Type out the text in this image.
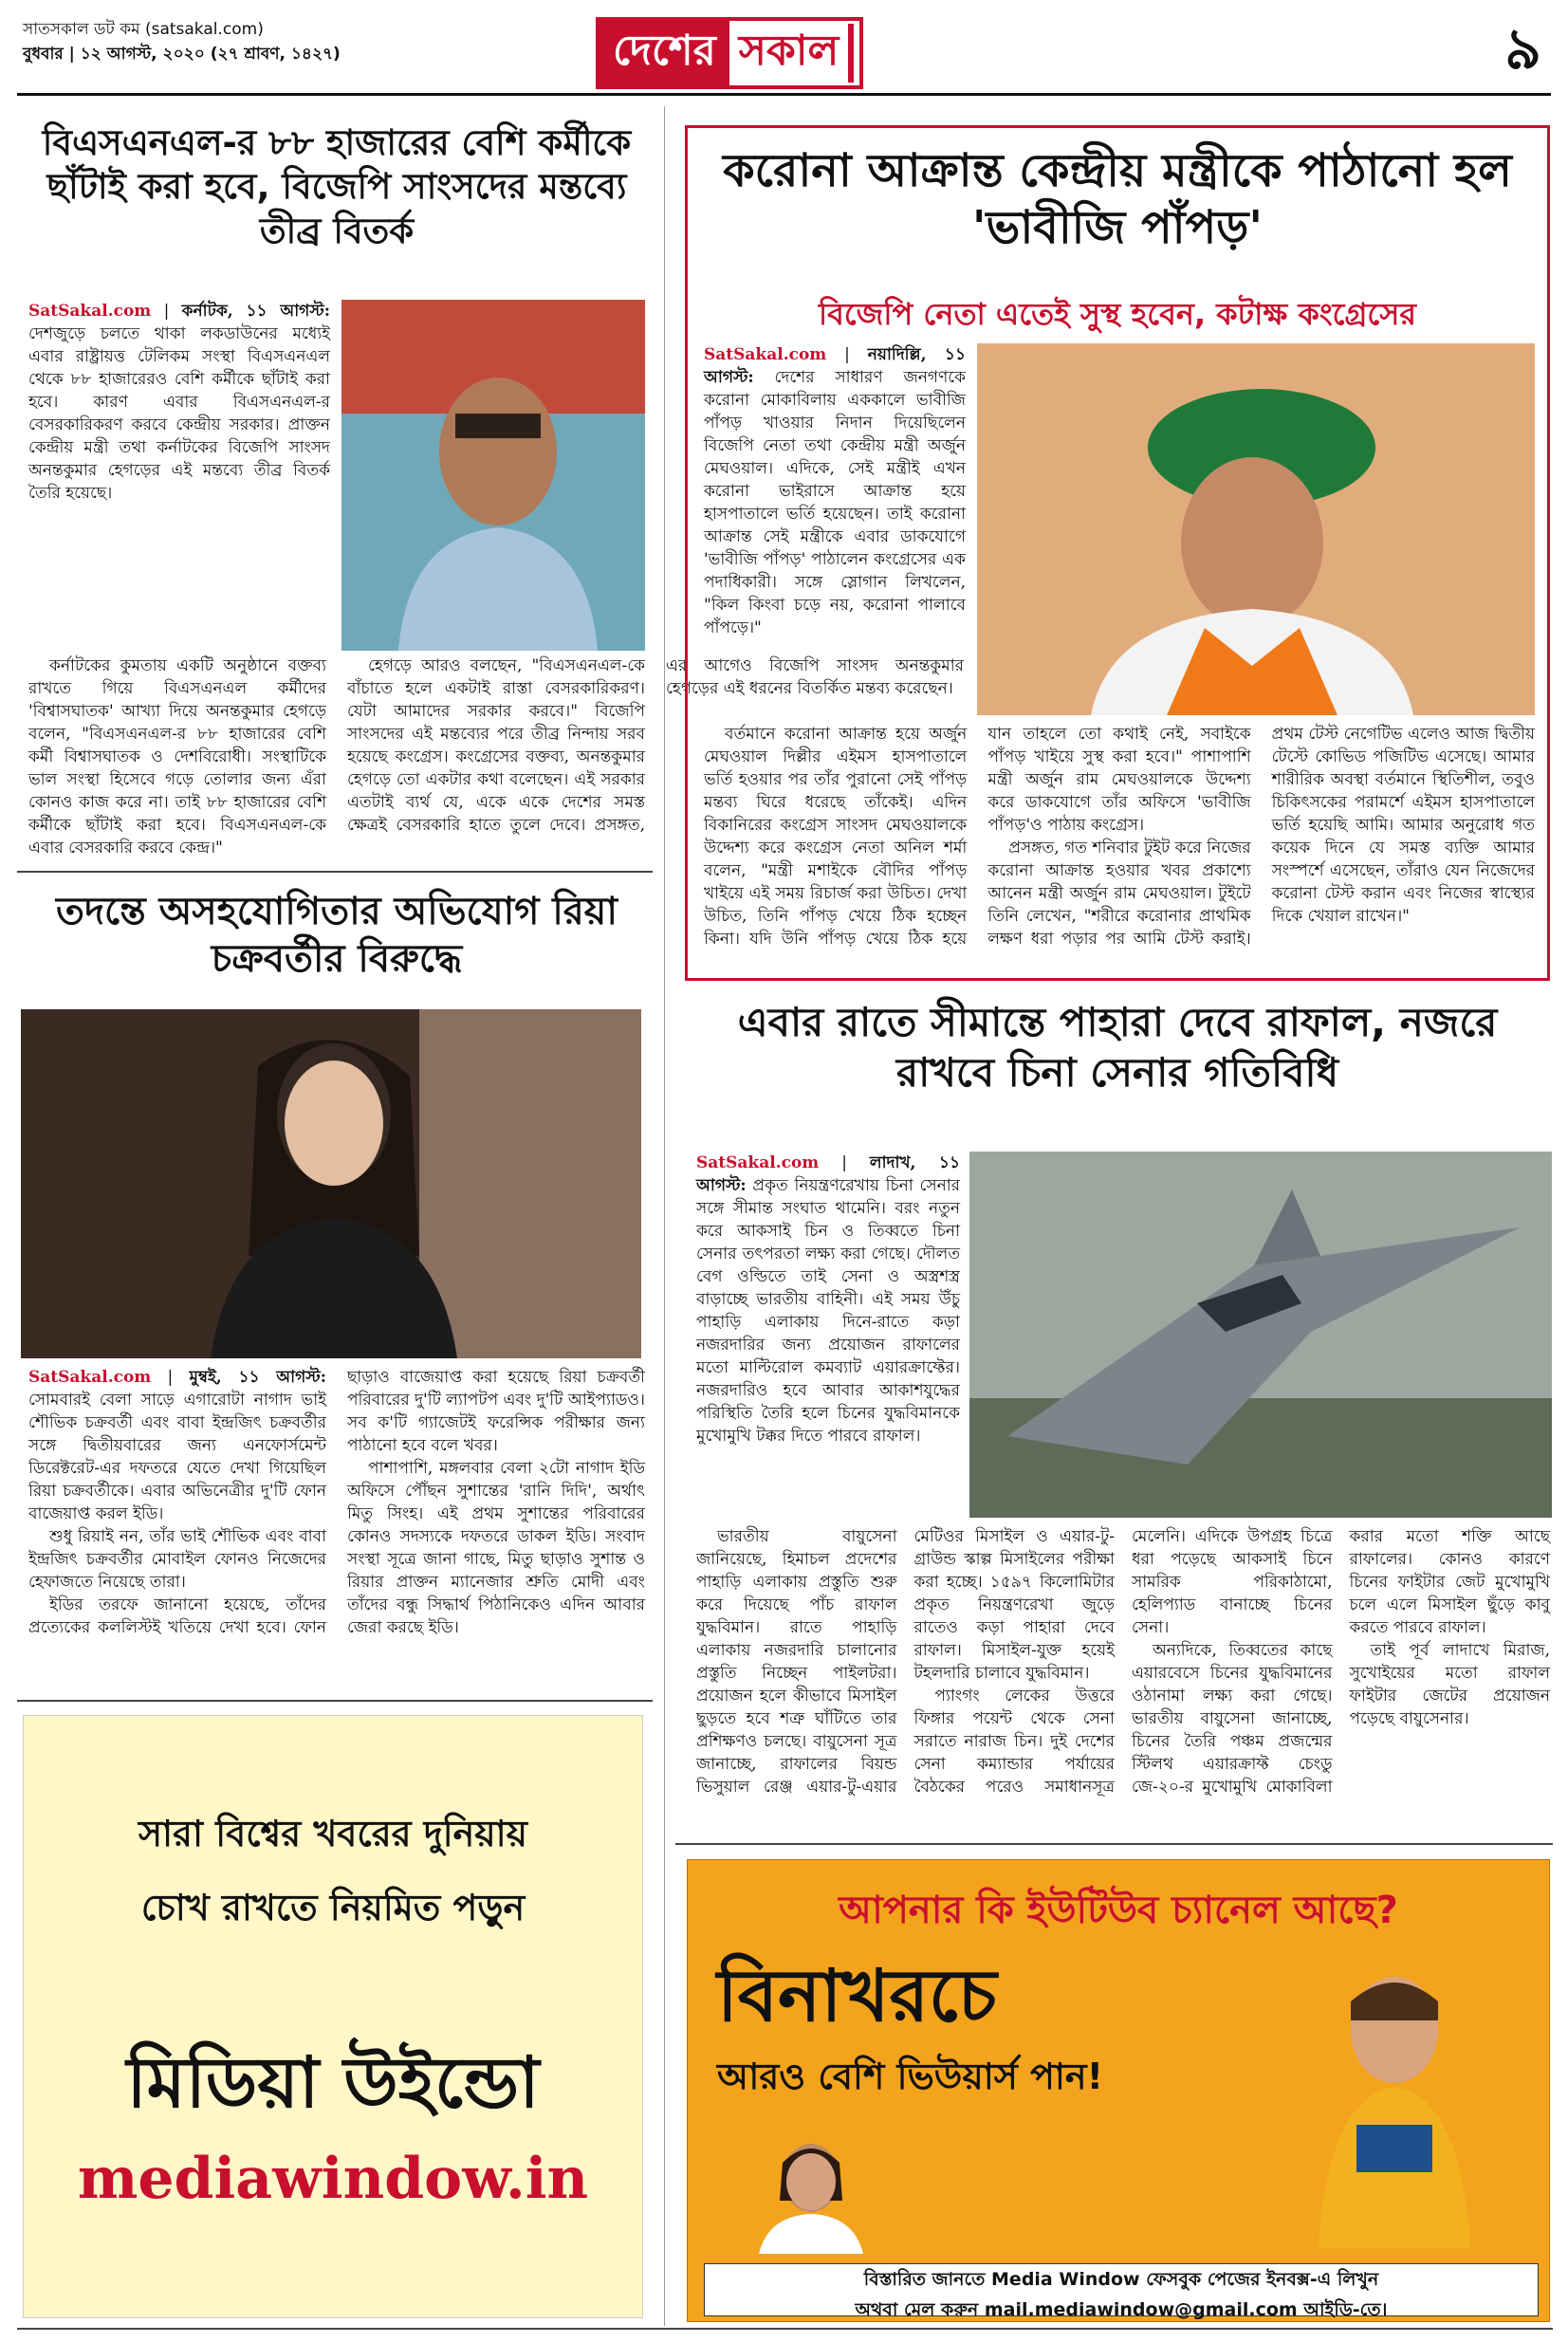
সাতসকাল ডট কম (satsakal.com)
বুধবার | ১২ আগস্ট, ২০২০ (২৭ শ্রাবণ, ১৪২৭)	দেশের সকাল	৯
বিএসএনএল-র ৮৮ হাজারের বেশি কর্মীকে ছাঁটাই করা হবে, বিজেপি সাংসদের মন্তব্যে তীব্র বিতর্ক

SatSakal.com | কর্নাটক, ১১ আগস্ট: দেশজুড়ে চলতে থাকা লকডাউনের মধ্যেই এবার রাষ্ট্রায়ত্ত টেলিকম সংস্থা বিএসএনএল থেকে ৮৮ হাজারেরও বেশি কর্মীকে ছাঁটাই করা হবে। কারণ এবার বিএসএনএল-র বেসরকারিকরণ করবে কেন্দ্রীয় সরকার। প্রাক্তন কেন্দ্রীয় মন্ত্রী তথা কর্নাটকের বিজেপি সাংসদ অনন্তকুমার হেগড়ের এই মন্তব্যে তীব্র বিতর্ক তৈরি হয়েছে।

কর্নাটকের কুমতায় একটি অনুষ্ঠানে বক্তব্য রাখতে গিয়ে বিএসএনএল কর্মীদের 'বিশ্বাসঘাতক' আখ্যা দিয়ে অনন্তকুমার হেগড়ে বলেন, "বিএসএনএল-র ৮৮ হাজারের বেশি কর্মী বিশ্বাসঘাতক ও দেশবিরোধী। সংস্থাটিকে ভাল সংস্থা হিসেবে গড়ে তোলার জন্য এঁরা কোনও কাজ করে না। তাই ৮৮ হাজারের বেশি কর্মীকে ছাঁটাই করা হবে। বিএসএনএল-কে এবার বেসরকারি করবে কেন্দ্র।"

হেগড়ে আরও বলছেন, "বিএসএনএল-কে বাঁচাতে হলে একটাই রাস্তা বেসরকারিকরণ। যেটা আমাদের সরকার করবে।" বিজেপি সাংসদের এই মন্তব্যের পরে তীব্র নিন্দায় সরব হয়েছে কংগ্রেস। কংগ্রেসের বক্তব্য, অনন্তকুমার হেগড়ে তো একটার কথা বলেছেন। এই সরকার এতটাই ব্যর্থ যে, একে একে দেশের সমস্ত ক্ষেত্রই বেসরকারি হাতে তুলে দেবে। প্রসঙ্গত, এর আগেও বিজেপি সাংসদ অনন্তকুমার হেগড়ের এই ধরনের বিতর্কিত মন্তব্য করেছেন।

করোনা আক্রান্ত কেন্দ্রীয় মন্ত্রীকে পাঠানো হল 'ভাবীজি পাঁপড়'
বিজেপি নেতা এতেই সুস্থ হবেন, কটাক্ষ কংগ্রেসের

SatSakal.com | নয়াদিল্লি, ১১ আগস্ট: দেশের সাধারণ জনগণকে করোনা মোকাবিলায় এককালে ভাবীজি পাঁপড় খাওয়ার নিদান দিয়েছিলেন বিজেপি নেতা তথা কেন্দ্রীয় মন্ত্রী অর্জুন মেঘওয়াল। এদিকে, সেই মন্ত্রীই এখন করোনা ভাইরাসে আক্রান্ত হয়ে হাসপাতালে ভর্তি হয়েছেন। তাই করোনা আক্রান্ত সেই মন্ত্রীকে এবার ডাকযোগে 'ভাবীজি পাঁপড়' পাঠালেন কংগ্রেসের এক পদাধিকারী। সঙ্গে স্লোগান লিখলেন, "কিল কিংবা চড়ে নয়, করোনা পালাবে পাঁপড়ে।"

বর্তমানে করোনা আক্রান্ত হয়ে অর্জুন মেঘওয়াল দিল্লীর এইমস হাসপাতালে ভর্তি হওয়ার পর তাঁর পুরানো সেই পাঁপড় মন্তব্য ঘিরে ধরেছে তাঁকেই। এদিন বিকানিরের কংগ্রেস সাংসদ মেঘওয়ালকে উদ্দেশ্য করে কংগ্রেস নেতা অনিল শর্মা বলেন, "মন্ত্রী মশাইকে বৌদির পাঁপড় খাইয়ে এই সময় রিচার্জ করা উচিত। দেখা উচিত, তিনি পাঁপড় খেয়ে ঠিক হচ্ছেন কিনা। যদি উনি পাঁপড় খেয়ে ঠিক হয়ে যান তাহলে তো কথাই নেই, সবাইকে পাঁপড় খাইয়ে সুস্থ করা হবে।" পাশাপাশি মন্ত্রী অর্জুন রাম মেঘওয়ালকে উদ্দেশ্য করে ডাকযোগে তাঁর অফিসে 'ভাবীজি পাঁপড়'ও পাঠায় কংগ্রেস।

প্রসঙ্গত, গত শনিবার টুইট করে নিজের করোনা আক্রান্ত হওয়ার খবর প্রকাশ্যে আনেন মন্ত্রী অর্জুন রাম মেঘওয়াল। টুইটে তিনি লেখেন, "শরীরে করোনার প্রাথমিক লক্ষণ ধরা পড়ার পর আমি টেস্ট করাই। প্রথম টেস্ট নেগেটিভ এলেও আজ দ্বিতীয় টেস্টে কোভিড পজিটিভ এসেছে। আমার শারীরিক অবস্থা বর্তমানে স্থিতিশীল, তবুও চিকিৎসকের পরামর্শে এইমস হাসপাতালে ভর্তি হয়েছি আমি। আমার অনুরোধ গত কয়েক দিনে যে সমস্ত ব্যক্তি আমার সংস্পর্শে এসেছেন, তাঁরাও যেন নিজেদের করোনা টেস্ট করান এবং নিজের স্বাস্থ্যের দিকে খেয়াল রাখেন।"

তদন্তে অসহযোগিতার অভিযোগ রিয়া চক্রবর্তীর বিরুদ্ধে

SatSakal.com | মুম্বই, ১১ আগস্ট: সোমবারই বেলা সাড়ে এগারোটা নাগাদ ভাই শৌভিক চক্রবর্তী এবং বাবা ইন্দ্রজিৎ চক্রবর্তীর সঙ্গে দ্বিতীয়বারের জন্য এনফোর্সমেন্ট ডিরেক্টরেট-এর দফতরে যেতে দেখা গিয়েছিল রিয়া চক্রবর্তীকে। এবার অভিনেত্রীর দু'টি ফোন বাজেয়াপ্ত করল ইডি।

শুধু রিয়াই নন, তাঁর ভাই শৌভিক এবং বাবা ইন্দ্রজিৎ চক্রবর্তীর মোবাইল ফোনও নিজেদের হেফাজতে নিয়েছে তারা।

ইডির তরফে জানানো হয়েছে, তাঁদের প্রত্যেকের কললিস্টই খতিয়ে দেখা হবে। ফোন ছাড়াও বাজেয়াপ্ত করা হয়েছে রিয়া চক্রবর্তী পরিবারের দু'টি ল্যাপটপ এবং দু'টি আইপ্যাডও। সব ক'টি গ্যাজেটই ফরেন্সিক পরীক্ষার জন্য পাঠানো হবে বলে খবর।

পাশাপাশি, মঙ্গলবার বেলা ২টো নাগাদ ইডি অফিসে পৌঁছন সুশান্তের 'রানি দিদি', অর্থাৎ মিতু সিংহ। এই প্রথম সুশান্তের পরিবারের কোনও সদস্যকে দফতরে ডাকল ইডি। সংবাদ সংস্থা সূত্রে জানা গাছে, মিতু ছাড়াও সুশান্ত ও রিয়ার প্রাক্তন ম্যানেজার শ্রুতি মোদী এবং তাঁদের বন্ধু সিদ্ধার্থ পিঠানিকেও এদিন আবার জেরা করছে ইডি।

এবার রাতে সীমান্তে পাহারা দেবে রাফাল, নজরে রাখবে চিনা সেনার গতিবিধি

SatSakal.com | লাদাখ, ১১ আগস্ট: প্রকৃত নিয়ন্ত্রণরেখায় চিনা সেনার সঙ্গে সীমান্ত সংঘাত থামেনি। বরং নতুন করে আকসাই চিন ও তিব্বতে চিনা সেনার তৎপরতা লক্ষ্য করা গেছে। দৌলত বেগ ওল্ডিতে তাই সেনা ও অস্ত্রশস্ত্র বাড়াচ্ছে ভারতীয় বাহিনী। এই সময় উঁচু পাহাড়ি এলাকায় দিনে-রাতে কড়া নজরদারির জন্য প্রয়োজন রাফালের মতো মাল্টিরোল কমব্যাট এয়ারক্রাফ্টের। নজরদারিও হবে আবার আকাশযুদ্ধের পরিস্থিতি তৈরি হলে চিনের যুদ্ধবিমানকে মুখোমুখি টক্কর দিতে পারবে রাফাল।

ভারতীয় বায়ুসেনা জানিয়েছে, হিমাচল প্রদেশের পাহাড়ি এলাকায় প্রস্তুতি শুরু করে দিয়েছে পাঁচ রাফাল যুদ্ধবিমান। রাতে পাহাড়ি এলাকায় নজরদারি চালানোর প্রস্তুতি নিচ্ছেন পাইলটরা। প্রয়োজন হলে কীভাবে মিসাইল ছুড়তে হবে শত্রু ঘাঁটিতে তার প্রশিক্ষণও চলছে। বায়ুসেনা সূত্র জানাচ্ছে, রাফালের বিয়ন্ড ভিসুয়াল রেঞ্জ এয়ার-টু-এয়ার মেটিওর মিসাইল ও এয়ার-টু-গ্রাউন্ড স্কাল্প মিসাইলের পরীক্ষা করা হচ্ছে। ১৫৯৭ কিলোমিটার প্রকৃত নিয়ন্ত্রণরেখা জুড়ে রাতেও কড়া পাহারা দেবে রাফাল। মিসাইল-যুক্ত হয়েই টহলদারি চালাবে যুদ্ধবিমান।

প্যাংগং লেকের উত্তরে ফিঙ্গার পয়েন্ট থেকে সেনা সরাতে নারাজ চিন। দুই দেশের সেনা কম্যান্ডার পর্যায়ের বৈঠকের পরেও সমাধানসূত্র মেলেনি। এদিকে উপগ্রহ চিত্রে ধরা পড়েছে আকসাই চিনে সামরিক পরিকাঠামো, হেলিপ্যাড বানাচ্ছে চিনের সেনা।

অন্যদিকে, তিব্বতের কাছে এয়ারবেসে চিনের যুদ্ধবিমানের ওঠানামা লক্ষ্য করা গেছে। ভারতীয় বায়ুসেনা জানাচ্ছে, চিনের তৈরি পঞ্চম প্রজন্মের স্টিলথ এয়ারক্রাফ্ট চেংডু জে-২০-র মুখোমুখি মোকাবিলা করার মতো শক্তি আছে রাফালের। কোনও কারণে চিনের ফাইটার জেট মুখোমুখি চলে এলে মিসাইল ছুঁড়ে কাবু করতে পারবে রাফাল।

তাই পূর্ব লাদাখে মিরাজ, সুখোইয়ের মতো রাফাল ফাইটার জেটের প্রয়োজন পড়েছে বায়ুসেনার।

সারা বিশ্বের খবরের দুনিয়ায়
চোখ রাখতে নিয়মিত পড়ুন
মিডিয়া উইন্ডো
mediawindow.in
আপনার কি ইউটিউব চ্যানেল আছে?
বিনাখরচে
আরও বেশি ভিউয়ার্স পান!
বিস্তারিত জানতে Media Window ফেসবুক পেজের ইনবক্স-এ লিখুন
অথবা মেল করুন mail.mediawindow@gmail.com আইডি-তে।
